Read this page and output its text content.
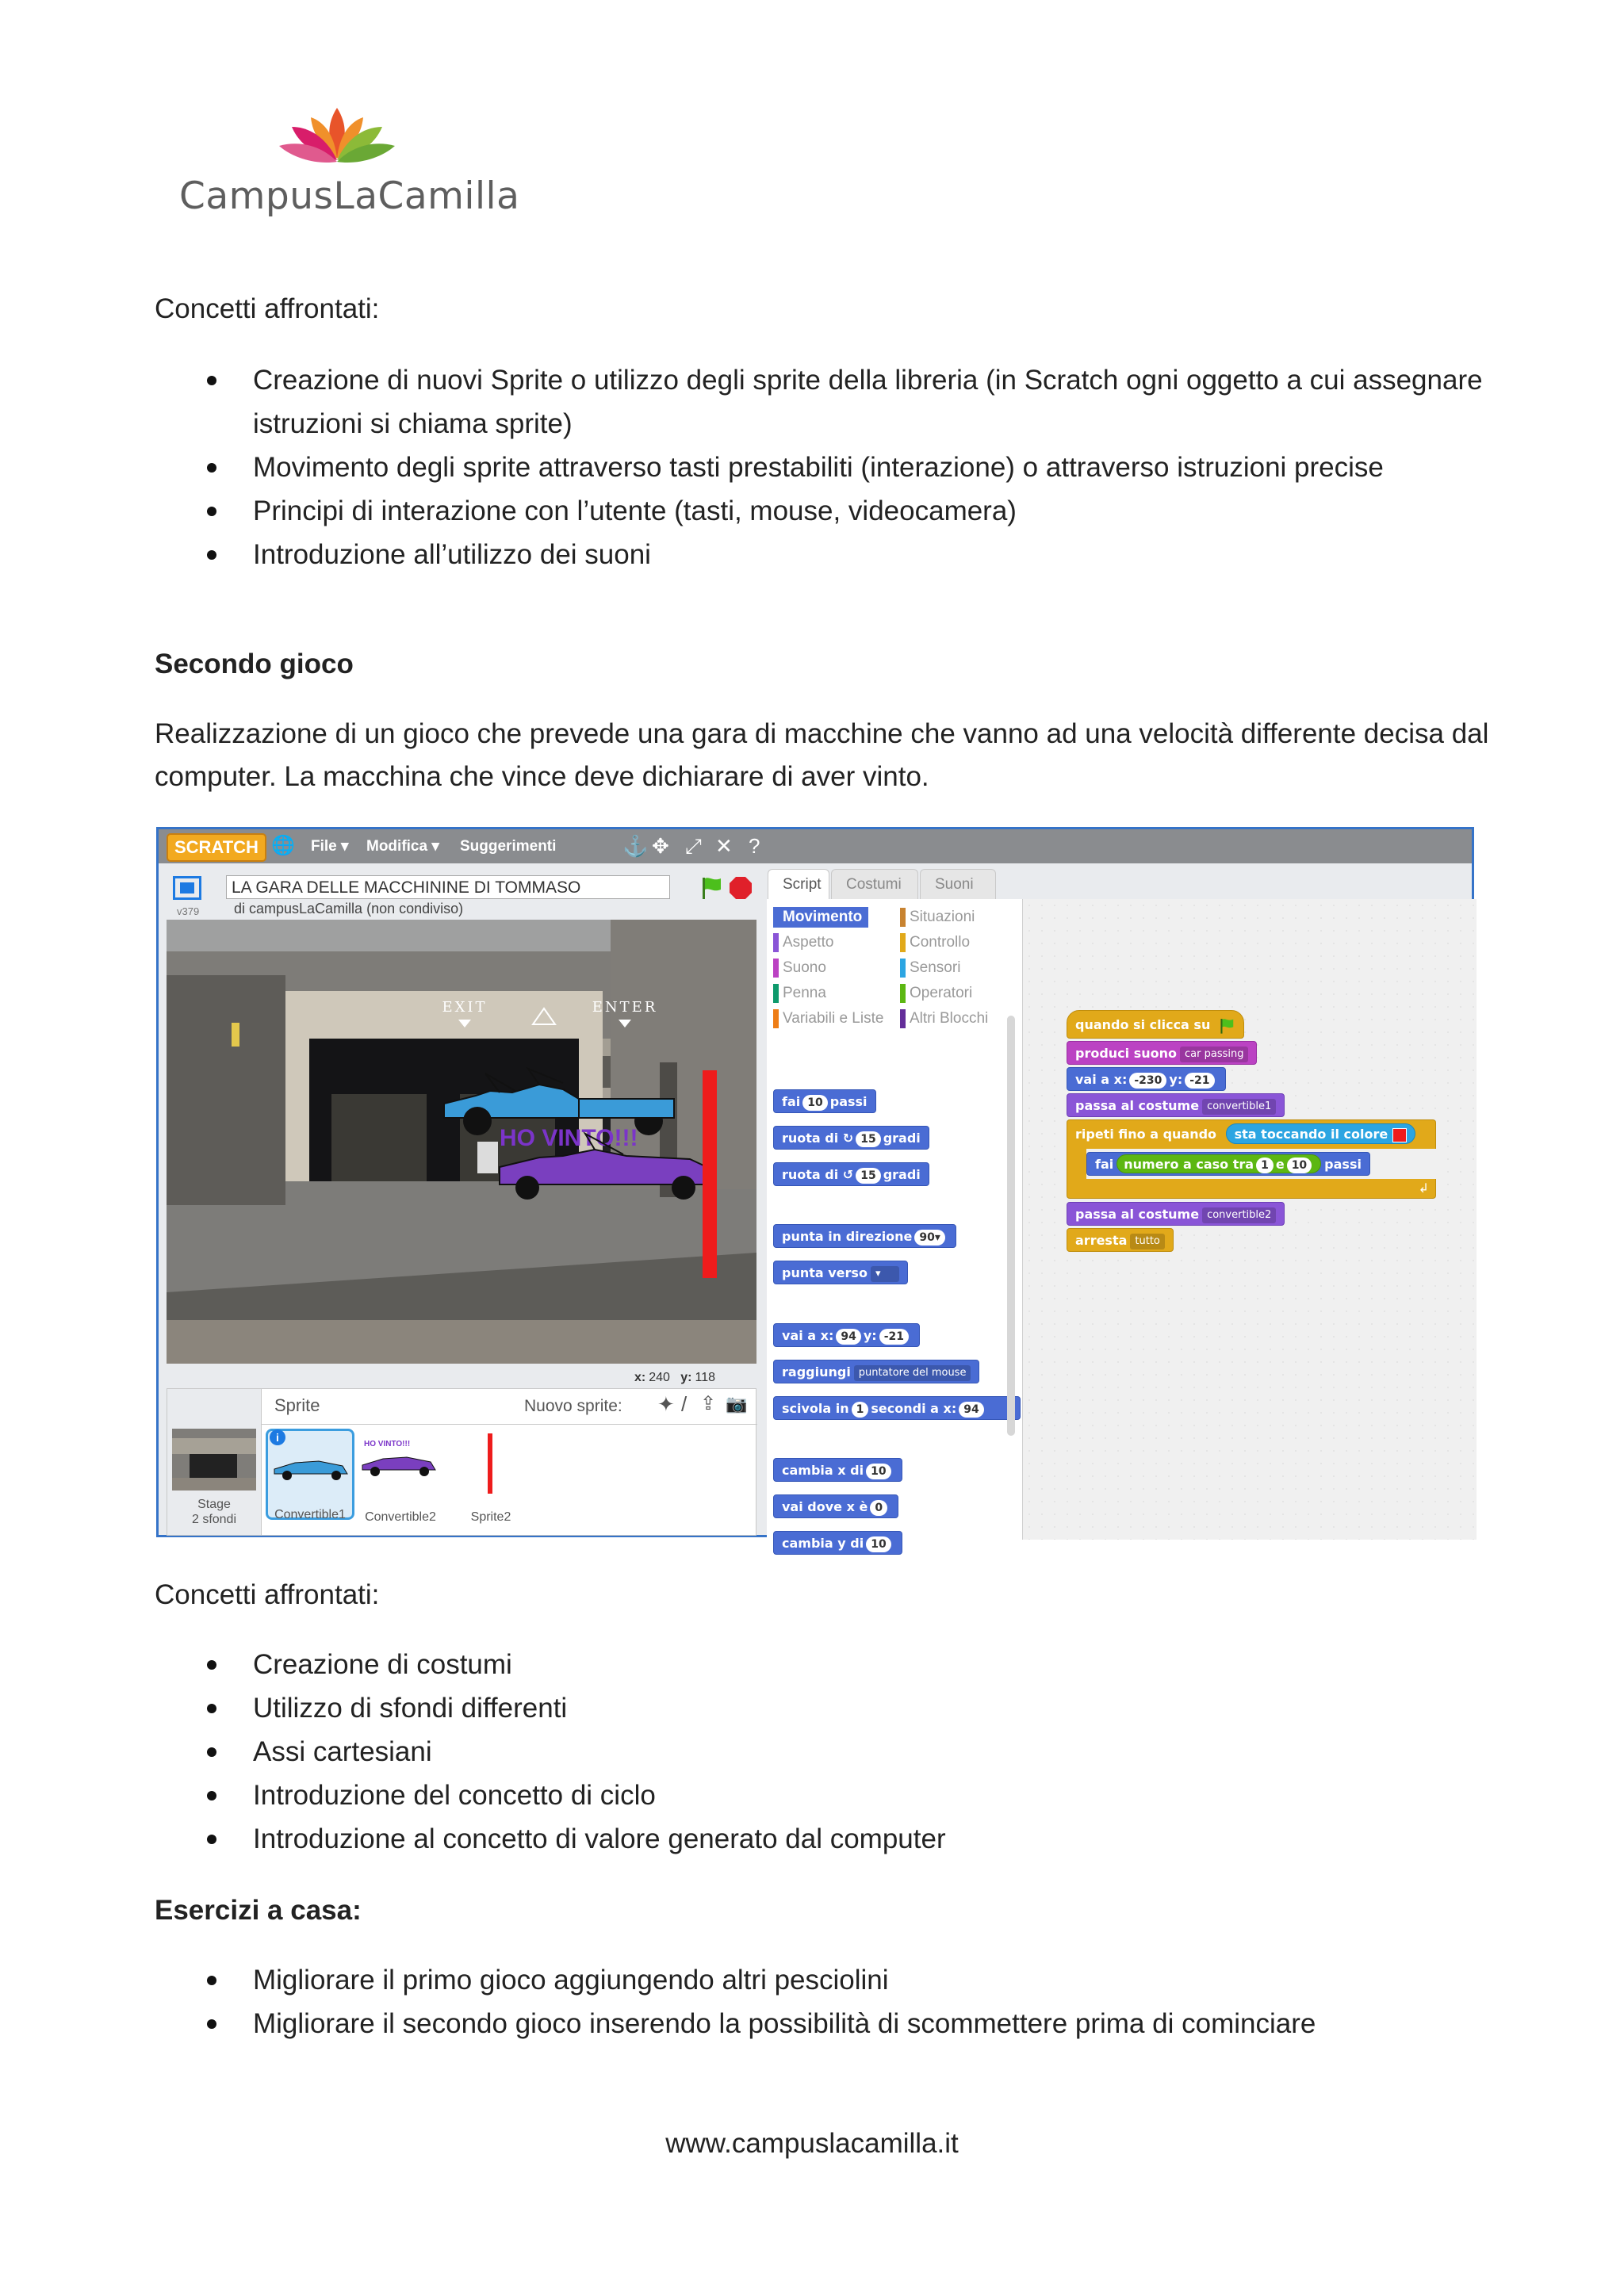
CampusLaCamilla
Concetti affrontati:
Creazione di nuovi Sprite o utilizzo degli sprite della libreria (in Scratch ogni oggetto a cui assegnare
istruzioni si chiama sprite)
Movimento degli sprite attraverso tasti prestabiliti (interazione) o attraverso istruzioni precise
Principi di interazione con l’utente (tasti, mouse, videocamera)
Introduzione all’utilizzo dei suoni
Secondo gioco
Realizzazione di un gioco che prevede una gara di macchine che vanno ad una velocità differente decisa dal
computer. La macchina che vince deve dichiarare di aver vinto.
SCRATCH 🌐 File ▾ Modifica ▾ Suggerimenti	⚓ ✥ ⤢ ✕ ?
v379
LA GARA DELLE MACCHININE DI TOMMASO
di campusLaCamilla (non condiviso)
EXIT	ENTER
HO VINTO!!!
x: 240 y: 118
Stage
2 sfondi
Sprite	Nuovo sprite: ✦ / ⇪ 📷
i
Convertible1
HO VINTO!!!
Convertible2	Sprite2
Script	Costumi	Suoni
Movimento
Aspetto
Suono
Penna
Variabili e Liste
Situazioni
Controllo
Sensori
Operatori
Altri Blocchi
fai 10 passi
ruota di ↻ 15 gradi
ruota di ↺ 15 gradi
punta in direzione 90▾
punta verso ▾
vai a x: 94 y: -21
raggiungi puntatore del mouse
scivola in 1 secondi a x: 94
cambia x di 10
vai dove x è 0
cambia y di 10
quando si clicca su
produci suono car passing
vai a x: -230 y: -21
passa al costume convertible1
ripeti fino a quando sta toccando il colore
fai numero a caso tra 1 e 10 passi
↲
passa al costume convertible2
arresta tutto
Concetti affrontati:
Creazione di costumi
Utilizzo di sfondi differenti
Assi cartesiani
Introduzione del concetto di ciclo
Introduzione al concetto di valore generato dal computer
Esercizi a casa:
Migliorare il primo gioco aggiungendo altri pesciolini
Migliorare il secondo gioco inserendo la possibilità di scommettere prima di cominciare
www.campuslacamilla.it
